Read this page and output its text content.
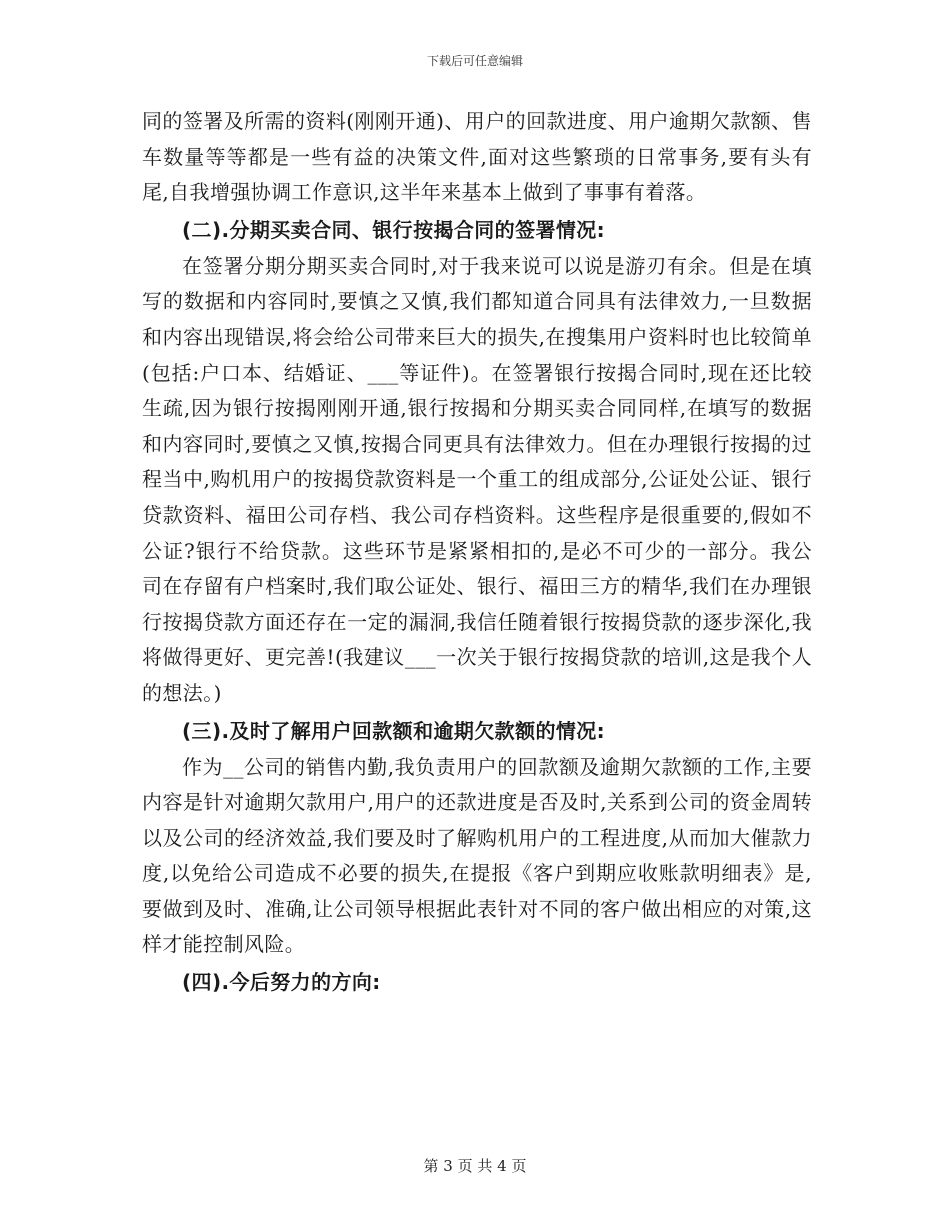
下载后可任意编辑

同的签署及所需的资料(刚刚开通)、用户的回款进度、用户逾期欠款额、售车数量等等都是一些有益的决策文件,面对这些繁琐的日常事务,要有头有尾,自我增强协调工作意识,这半年来基本上做到了事事有着落。

(二).分期买卖合同、银行按揭合同的签署情况:

在签署分期分期买卖合同时,对于我来说可以说是游刃有余。但是在填写的数据和内容同时,要慎之又慎,我们都知道合同具有法律效力,一旦数据和内容出现错误,将会给公司带来巨大的损失,在搜集用户资料时也比较简单(包括:户口本、结婚证、___等证件)。在签署银行按揭合同时,现在还比较生疏,因为银行按揭刚刚开通,银行按揭和分期买卖合同同样,在填写的数据和内容同时,要慎之又慎,按揭合同更具有法律效力。但在办理银行按揭的过程当中,购机用户的按揭贷款资料是一个重工的组成部分,公证处公证、银行贷款资料、福田公司存档、我公司存档资料。这些程序是很重要的,假如不公证?银行不给贷款。这些环节是紧紧相扣的,是必不可少的一部分。我公司在存留有户档案时,我们取公证处、银行、福田三方的精华,我们在办理银行按揭贷款方面还存在一定的漏洞,我信任随着银行按揭贷款的逐步深化,我将做得更好、更完善!(我建议___一次关于银行按揭贷款的培训,这是我个人的想法。)

(三).及时了解用户回款额和逾期欠款额的情况:

作为__公司的销售内勤,我负责用户的回款额及逾期欠款额的工作,主要内容是针对逾期欠款用户,用户的还款进度是否及时,关系到公司的资金周转以及公司的经济效益,我们要及时了解购机用户的工程进度,从而加大催款力度,以免给公司造成不必要的损失,在提报《客户到期应收账款明细表》是,要做到及时、准确,让公司领导根据此表针对不同的客户做出相应的对策,这样才能控制风险。

(四).今后努力的方向:
第 3 页 共 4 页
